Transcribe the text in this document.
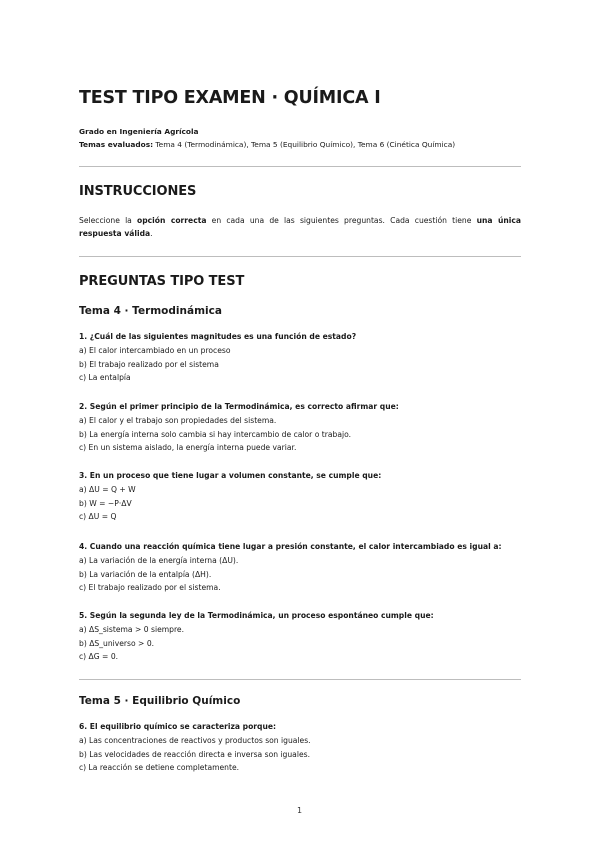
TEST TIPO EXAMEN · QUÍMICA I
Grado en Ingeniería Agrícola
Temas evaluados: Tema 4 (Termodinámica), Tema 5 (Equilibrio Químico), Tema 6 (Cinética Química)
INSTRUCCIONES
Seleccione la opción correcta en cada una de las siguientes preguntas. Cada cuestión tiene una única respuesta válida.
PREGUNTAS TIPO TEST
Tema 4 · Termodinámica
1. ¿Cuál de las siguientes magnitudes es una función de estado?
a) El calor intercambiado en un proceso
b) El trabajo realizado por el sistema
c) La entalpía
2. Según el primer principio de la Termodinámica, es correcto afirmar que:
a) El calor y el trabajo son propiedades del sistema.
b) La energía interna solo cambia si hay intercambio de calor o trabajo.
c) En un sistema aislado, la energía interna puede variar.
3. En un proceso que tiene lugar a volumen constante, se cumple que:
a) ΔU = Q + W
b) W = −P·ΔV
c) ΔU = Q
4. Cuando una reacción química tiene lugar a presión constante, el calor intercambiado es igual a:
a) La variación de la energía interna (ΔU).
b) La variación de la entalpía (ΔH).
c) El trabajo realizado por el sistema.
5. Según la segunda ley de la Termodinámica, un proceso espontáneo cumple que:
a) ΔS_sistema > 0 siempre.
b) ΔS_universo > 0.
c) ΔG = 0.
Tema 5 · Equilibrio Químico
6. El equilibrio químico se caracteriza porque:
a) Las concentraciones de reactivos y productos son iguales.
b) Las velocidades de reacción directa e inversa son iguales.
c) La reacción se detiene completamente.
1
